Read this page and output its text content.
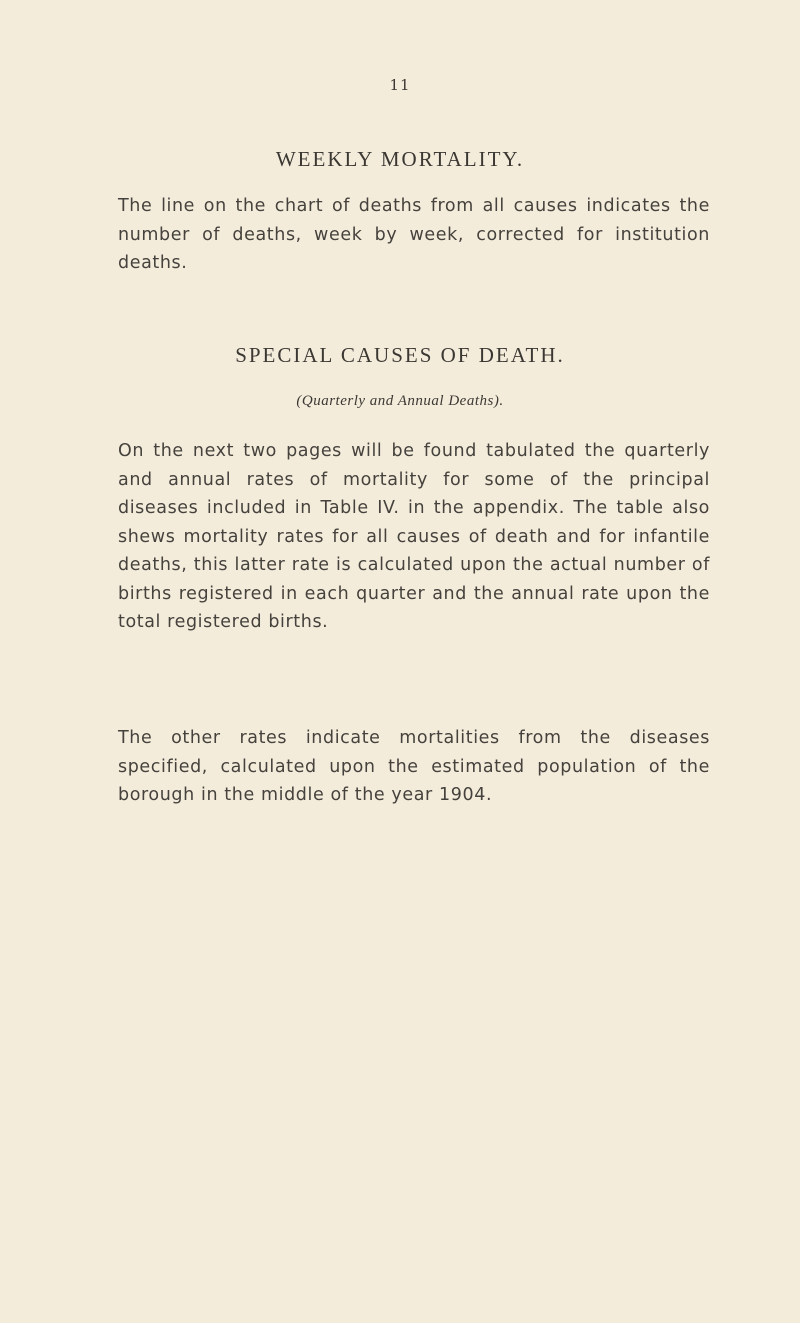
11
WEEKLY MORTALITY.

The line on the chart of deaths from all causes indicates the number of deaths, week by week, corrected for institution deaths.

SPECIAL CAUSES OF DEATH.
(Quarterly and Annual Deaths).

On the next two pages will be found tabulated the quarterly and annual rates of mortality for some of the principal diseases included in Table IV. in the appendix. The table also shews mortality rates for all causes of death and for infantile deaths, this latter rate is calculated upon the actual number of births registered in each quarter and the annual rate upon the total registered births.

The other rates indicate mortalities from the diseases specified, calculated upon the estimated population of the borough in the middle of the year 1904.
